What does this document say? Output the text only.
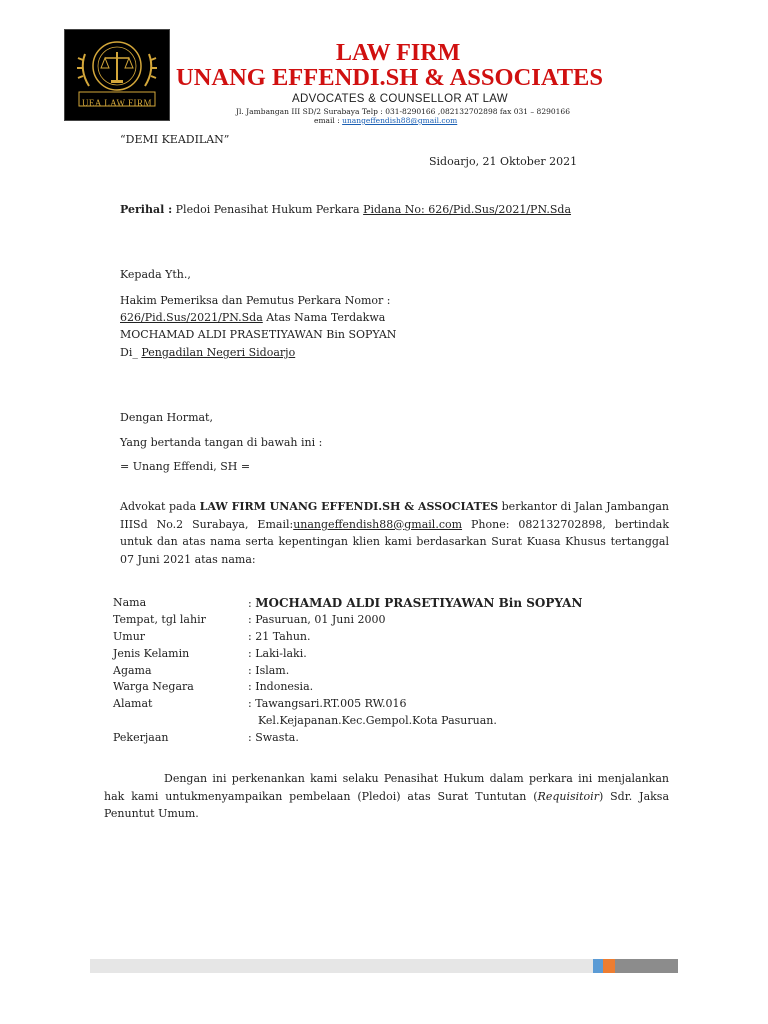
UEA LAW FIRM
LAW FIRM
UNANG EFFENDI.SH & ASSOCIATES
ADVOCATES & COUNSELLOR AT LAW
Jl. Jambangan III SD/2 Surabaya Telp : 031-8290166 ,082132702898 fax 031 – 8290166
email : unangeffendish88@gmail.com
“DEMI KEADILAN”
Sidoarjo, 21 Oktober 2021
Perihal : Pledoi Penasihat Hukum Perkara Pidana No: 626/Pid.Sus/2021/PN.Sda
Kepada Yth.,
Hakim Pemeriksa dan Pemutus Perkara Nomor :
626/Pid.Sus/2021/PN.Sda Atas Nama Terdakwa
MOCHAMAD ALDI PRASETIYAWAN Bin SOPYAN
Di_ Pengadilan Negeri Sidoarjo
Dengan Hormat,
Yang bertanda tangan di bawah ini :
= Unang Effendi, SH =
Advokat pada LAW FIRM UNANG EFFENDI.SH & ASSOCIATES berkantor di Jalan Jambangan IIISd No.2 Surabaya, Email:unangeffendish88@gmail.com Phone: 082132702898, bertindak untuk dan atas nama serta kepentingan klien kami berdasarkan Surat Kuasa Khusus tertanggal 07 Juni 2021 atas nama:
Nama	: MOCHAMAD ALDI PRASETIYAWAN Bin SOPYAN
Tempat, tgl lahir	: Pasuruan, 01 Juni 2000
Umur	: 21 Tahun.
Jenis Kelamin	: Laki-laki.
Agama	: Islam.
Warga Negara	: Indonesia.
Alamat	: Tawangsari.RT.005 RW.016
Kel.Kejapanan.Kec.Gempol.Kota Pasuruan.
Pekerjaan	: Swasta.
Dengan ini perkenankan kami selaku Penasihat Hukum dalam perkara ini menjalankan hak kami untukmenyampaikan pembelaan (Pledoi) atas Surat Tuntutan (Requisitoir) Sdr. Jaksa Penuntut Umum.
